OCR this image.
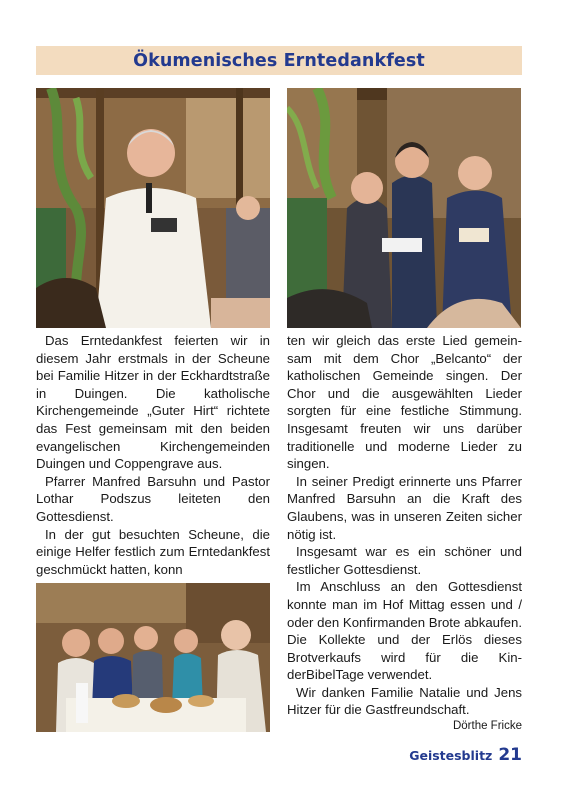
Ökumenisches Erntedankfest

Das Erntedankfest feierten wir in diesem Jahr erstmals in der Scheune bei Familie Hitzer in der Eckhardtstraße in Duingen. Die katholische Kirchengemeinde „Guter Hirt“ richtete das Fest gemeinsam mit den beiden evangelischen Kirchengemeinden Duingen und Coppengrave aus.

Pfarrer Manfred Barsuhn und Pastor Lothar Podszus leiteten den Gottesdienst.

In der gut besuchten Scheune, die einige Helfer festlich zum Erntedankfest geschmückt hatten, konn

ten wir gleich das erste Lied gemeinsam mit dem Chor „Belcanto“ der katholischen Gemeinde singen. Der Chor und die ausgewählten Lieder sorgten für eine festliche Stimmung. Insgesamt freuten wir uns darüber traditionelle und moderne Lieder zu singen.

In seiner Predigt erinnerte uns Pfarrer Manfred Barsuhn an die Kraft des Glaubens, was in unseren Zeiten sicher nötig ist.

Insgesamt war es ein schöner und festlicher Gottesdienst.

Im Anschluss an den Gottesdienst konnte man im Hof Mittag essen und / oder den Konfirmanden Brote abkaufen. Die Kollekte und der Erlös dieses Brotverkaufs wird für die KinderBibelTage verwendet.

Wir danken Familie Natalie und Jens Hitzer für die Gastfreundschaft.

Dörthe Fricke
Geistesblitz 21
